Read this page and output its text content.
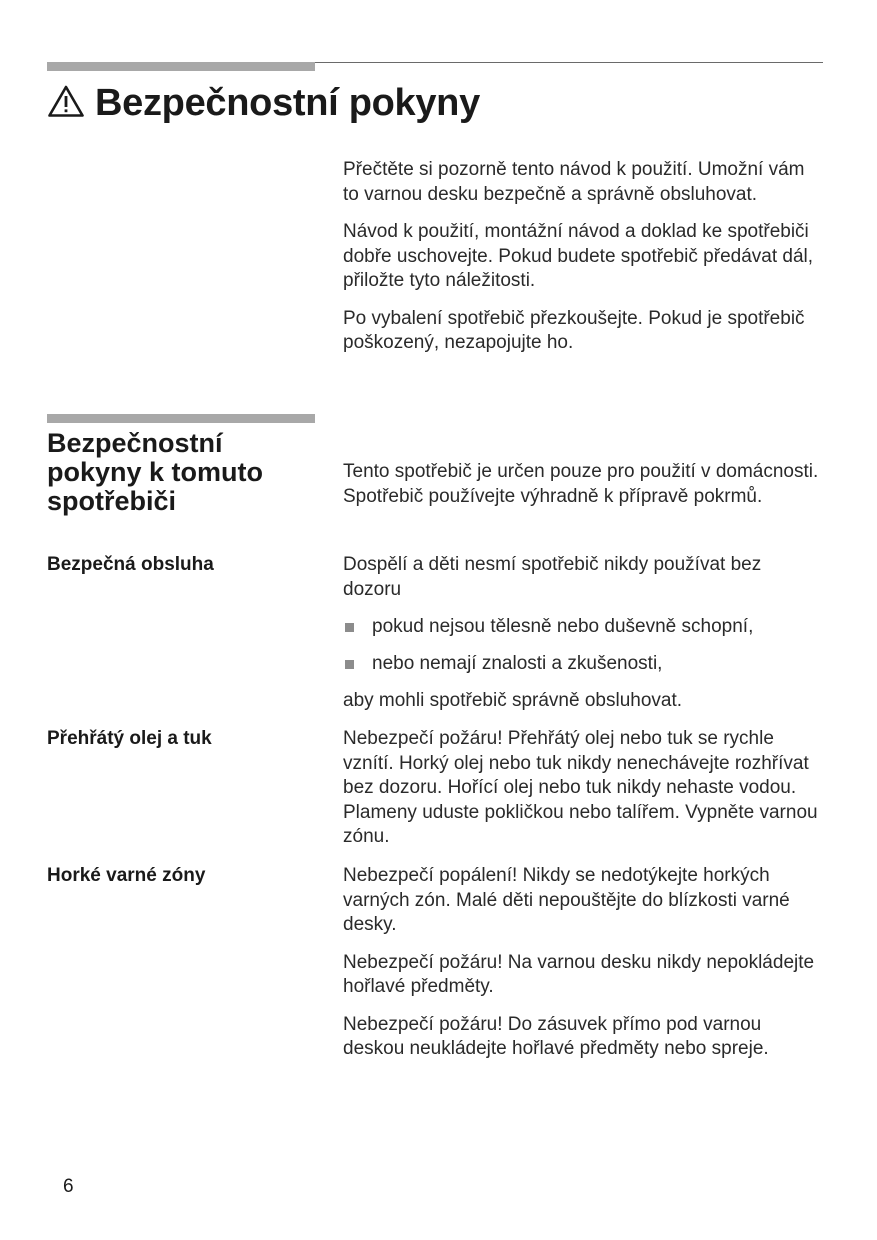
Bezpečnostní pokyny

Přečtěte si pozorně tento návod k použití. Umožní vám to varnou desku bezpečně a správně obsluhovat.

Návod k použití, montážní návod a doklad ke spotřebiči dobře uschovejte. Pokud budete spotřebič předávat dál, přiložte tyto náležitosti.

Po vybalení spotřebič přezkoušejte. Pokud je spotřebič poškozený, nezapojujte ho.

Bezpečnostní pokyny k tomuto spotřebiči

Tento spotřebič je určen pouze pro použití v domácnosti. Spotřebič používejte výhradně k přípravě pokrmů.

Bezpečná obsluha	Dospělí a děti nesmí spotřebič nikdy používat bez dozoru

pokud nejsou tělesně nebo duševně schopní,
nebo nemají znalosti a zkušenosti,

aby mohli spotřebič správně obsluhovat.

Přehřátý olej a tuk	Nebezpečí požáru! Přehřátý olej nebo tuk se rychle vznítí. Horký olej nebo tuk nikdy nenechávejte rozhřívat bez dozoru. Hořící olej nebo tuk nikdy nehaste vodou. Plameny uduste pokličkou nebo talířem. Vypněte varnou zónu.

Horké varné zóny	Nebezpečí popálení! Nikdy se nedotýkejte horkých varných zón. Malé děti nepouštějte do blízkosti varné desky.

Nebezpečí požáru! Na varnou desku nikdy nepokládejte hořlavé předměty.

Nebezpečí požáru! Do zásuvek přímo pod varnou deskou neukládejte hořlavé předměty nebo spreje.

6
